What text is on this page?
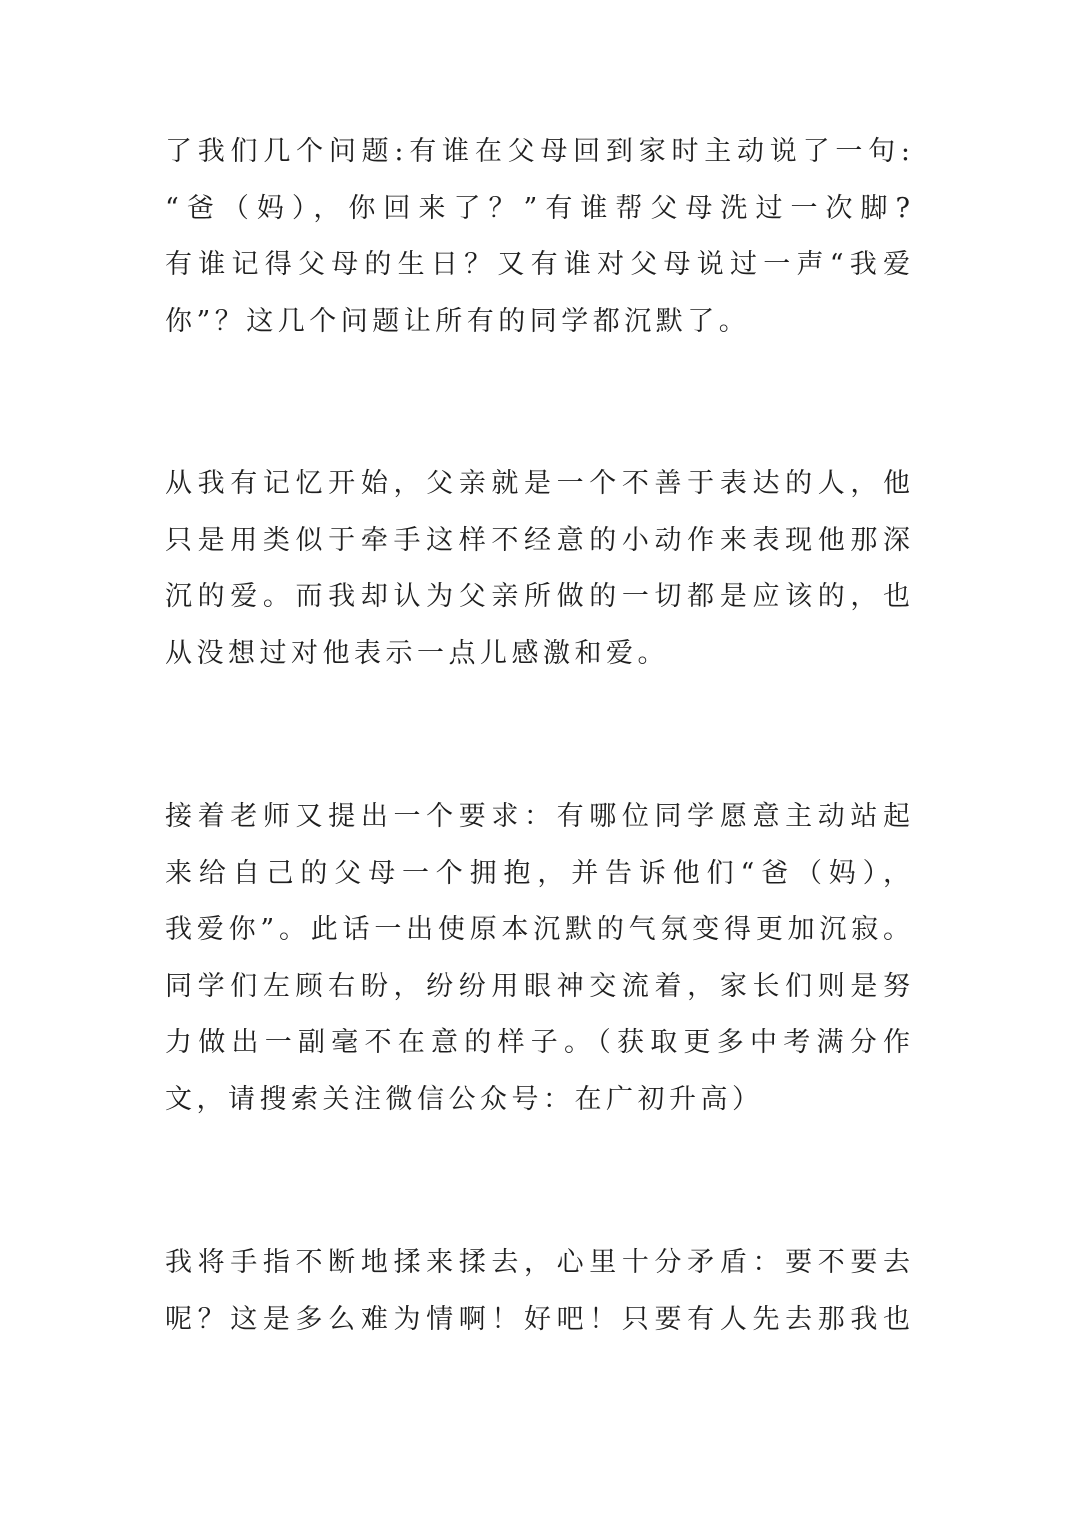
了我们几个问题:有谁在父母回到家时主动说了一句:
“爸（妈），你回来了？”有谁帮父母洗过一次脚?
有谁记得父母的生日？又有谁对父母说过一声“我爱
你”？这几个问题让所有的同学都沉默了。
从我有记忆开始，父亲就是一个不善于表达的人，他
只是用类似于牵手这样不经意的小动作来表现他那深
沉的爱。而我却认为父亲所做的一切都是应该的，也
从没想过对他表示一点儿感激和爱。
接着老师又提出一个要求：有哪位同学愿意主动站起
来给自己的父母一个拥抱，并告诉他们“爸（妈），
我爱你”。此话一出使原本沉默的气氛变得更加沉寂。
同学们左顾右盼，纷纷用眼神交流着，家长们则是努
力做出一副毫不在意的样子。（获取更多中考满分作
文，请搜索关注微信公众号：在广初升高）
我将手指不断地揉来揉去，心里十分矛盾：要不要去
呢？这是多么难为情啊！好吧！只要有人先去那我也
